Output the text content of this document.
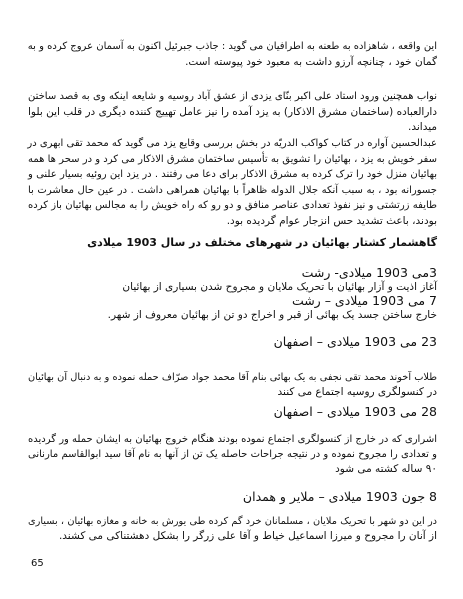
این واقعه ، شاهزاده به طعنه به اطرافیان می گوید : جاذب جبرئیل اکنون به آسمان عروج کرده و به
گمان خود ، چنانچه آرزو داشت به معبود خود پیوسته است.
نواب همچنین ورود استاد علی اکبر بنّای یزدی از عشق آباد روسیه و شایعه اینکه وی به قصد ساختن
دارالعباده (ساختمان مشرق الاذکار) به یزد آمده را نیز عامل تهییج کننده دیگری در قلب این بلوا
میداند.
عبدالحسین آواره در کتاب کواکب الدریّه در بخش بررسی وقایع یزد می گوید که محمد تقی ابهری در
سفر خویش به یزد ، بهائیان را تشویق به تأسیس ساختمان مشرق الاذکار می کرد و در سحر ها همه
بهائیان منزل خود را ترک کرده به مشرق الاذکار برای دعا می رفتند . در یزد این روئیه بسیار علنی و
جسورانه بود ، به سبب آنکه جلال الدوله ظاهراً با بهائیان همراهی داشت . در عین حال معاشرت با
طایفه زرتشتی و نیز نفوذ تعدادی عناصر منافق و دو رو که راه خویش را به مجالس بهائیان باز کرده
بودند، باعث تشدید حس انزجار عوام گردیده بود.
گاهشمار کشتار بهائیان در شهرهای مختلف در سال 1903 میلادی
3می 1903 میلادی- رشت
آغاز اذیت و آزار بهائیان با تحریک ملایان و مجروح شدن بسیاری از بهائیان
7 می 1903 میلادی – رشت
خارج ساختن جسد یک بهائی از قبر و اخراج دو تن از بهائیان معروف از شهر.
23 می 1903 میلادی – اصفهان
طلاب آخوند محمد تقی نجفی به یک بهائی بنام آقا محمد جواد صرّاف حمله نموده و به دنبال آن بهائیان
در کنسولگری روسیه اجتماع می کنند
28 می 1903 میلادی – اصفهان
اشراری که در خارج از کنسولگری اجتماع نموده بودند هنگام خروج بهائیان به ایشان حمله ور گردیده
و تعدادی را مجروح نموده و در نتیجه جراحات حاصله یک تن از آنها به نام آقا سید ابوالقاسم مارنانی
۹۰ ساله کشته می شود
8 جون 1903 میلادی – ملایر و همدان
در این دو شهر با تحریک ملایان ، مسلمانان خرد گم کرده طی یورش به خانه و مغازه بهائیان ، بسیاری
از آنان را مجروح و میرزا اسماعیل خیاط و آقا علی زرگر را بشکل دهشتناکی می کشند.
65
